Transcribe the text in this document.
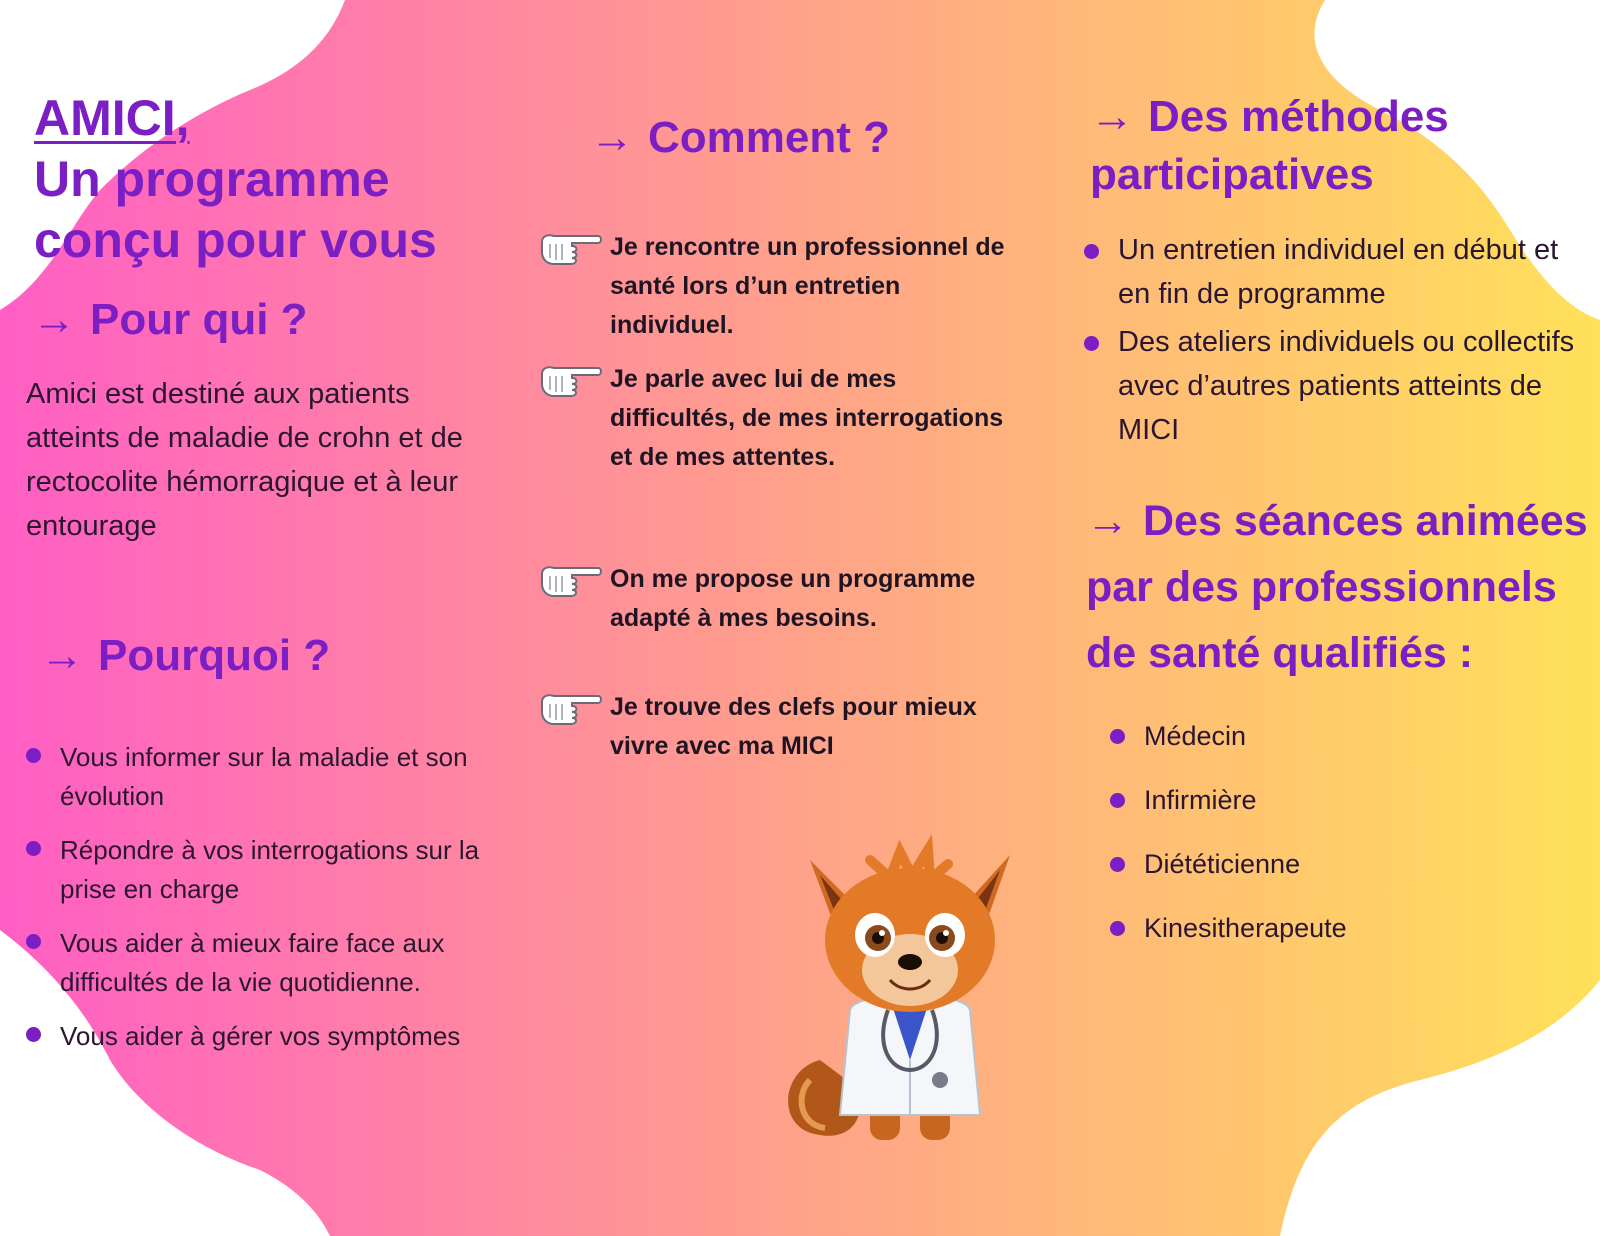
AMICI,
Un programme
conçu pour vous
→ Pour qui ?
Amici est destiné aux patients atteints de maladie de crohn et de rectocolite hémorragique et à leur entourage
→ Pourquoi ?
Vous informer sur la maladie et son évolution
Répondre à vos interrogations sur la prise en charge
Vous aider à mieux faire face aux difficultés de la vie quotidienne.
Vous aider à gérer vos symptômes
→ Comment ?
Je rencontre un professionnel de santé lors d’un entretien individuel.
Je parle avec lui de mes difficultés, de mes interrogations et de mes attentes.
On me propose un programme adapté à mes besoins.
Je trouve des clefs pour mieux vivre avec ma MICI
→ Des méthodes
participatives
Un entretien individuel en début et en fin de programme
Des ateliers individuels ou collectifs avec d’autres patients atteints de MICI
→ Des séances animées par des professionnels de santé qualifiés :
Médecin
Infirmière
Diététicienne
Kinesitherapeute
